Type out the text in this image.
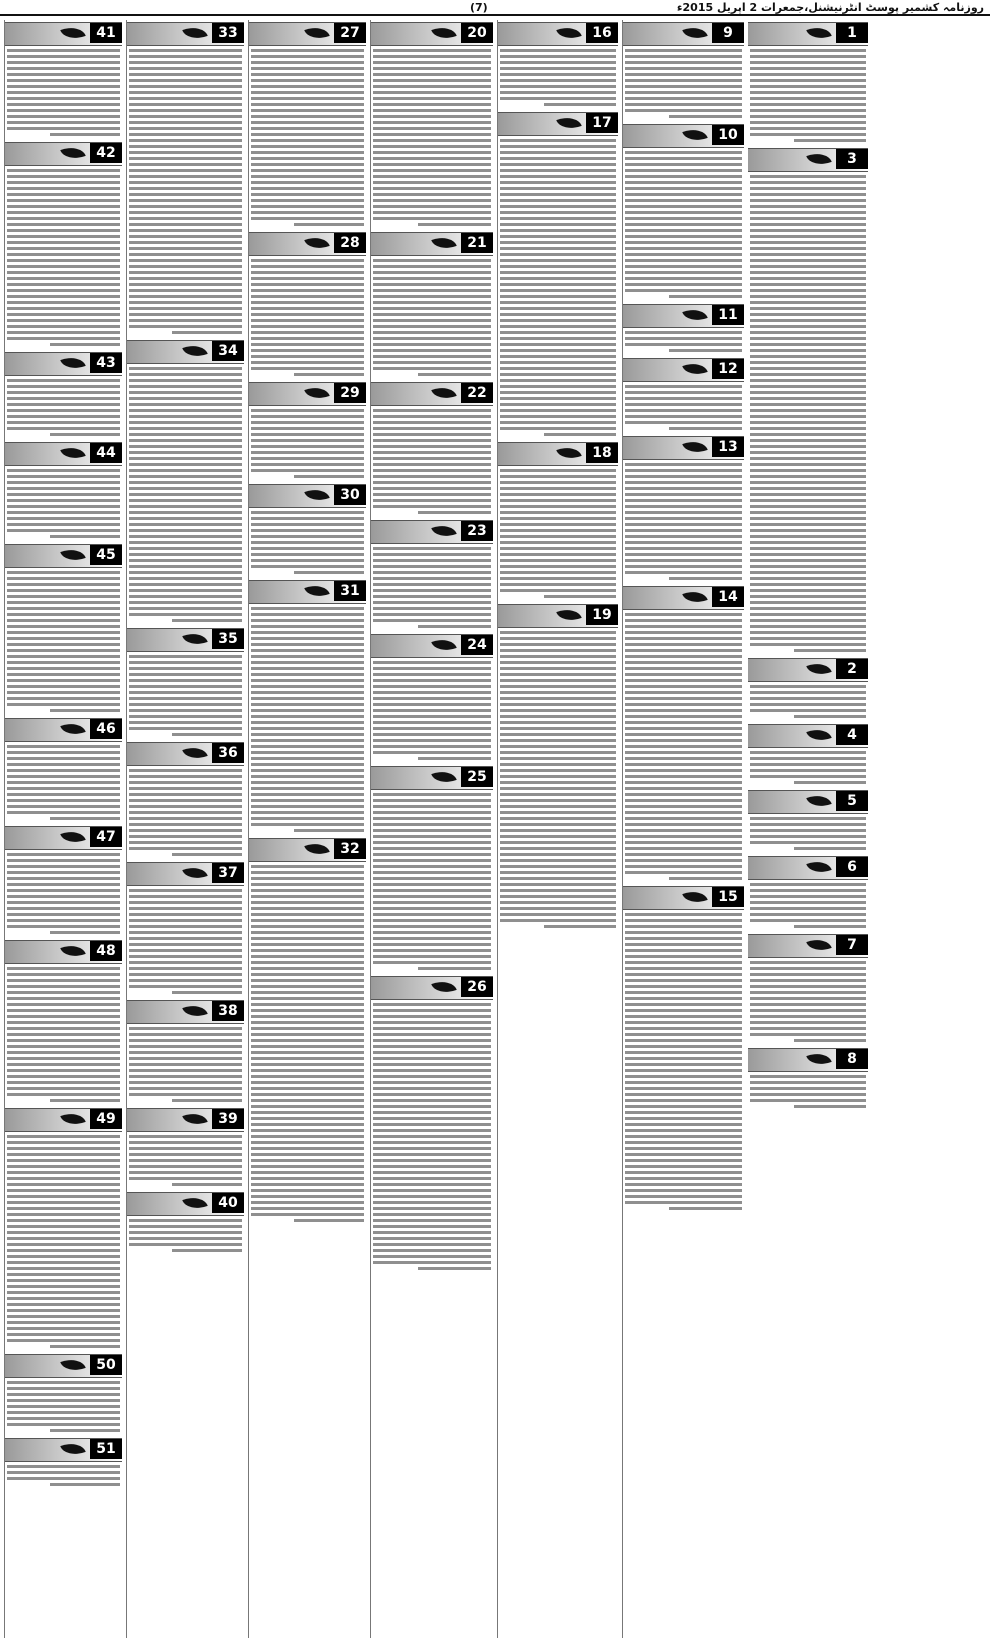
روزنامہ کشمیر پوسٹ انٹرنیشنل،جمعرات 2 اپریل 2015ء
(7)
41
42
43
44
45
46
47
48
49
50
51
33
34
35
36
37
38
39
40
27
28
29
30
31
32
20
21
22
23
24
25
26
16
17
18
19
9
10
11
12
13
14
15
1
3
2
4
5
6
7
8
